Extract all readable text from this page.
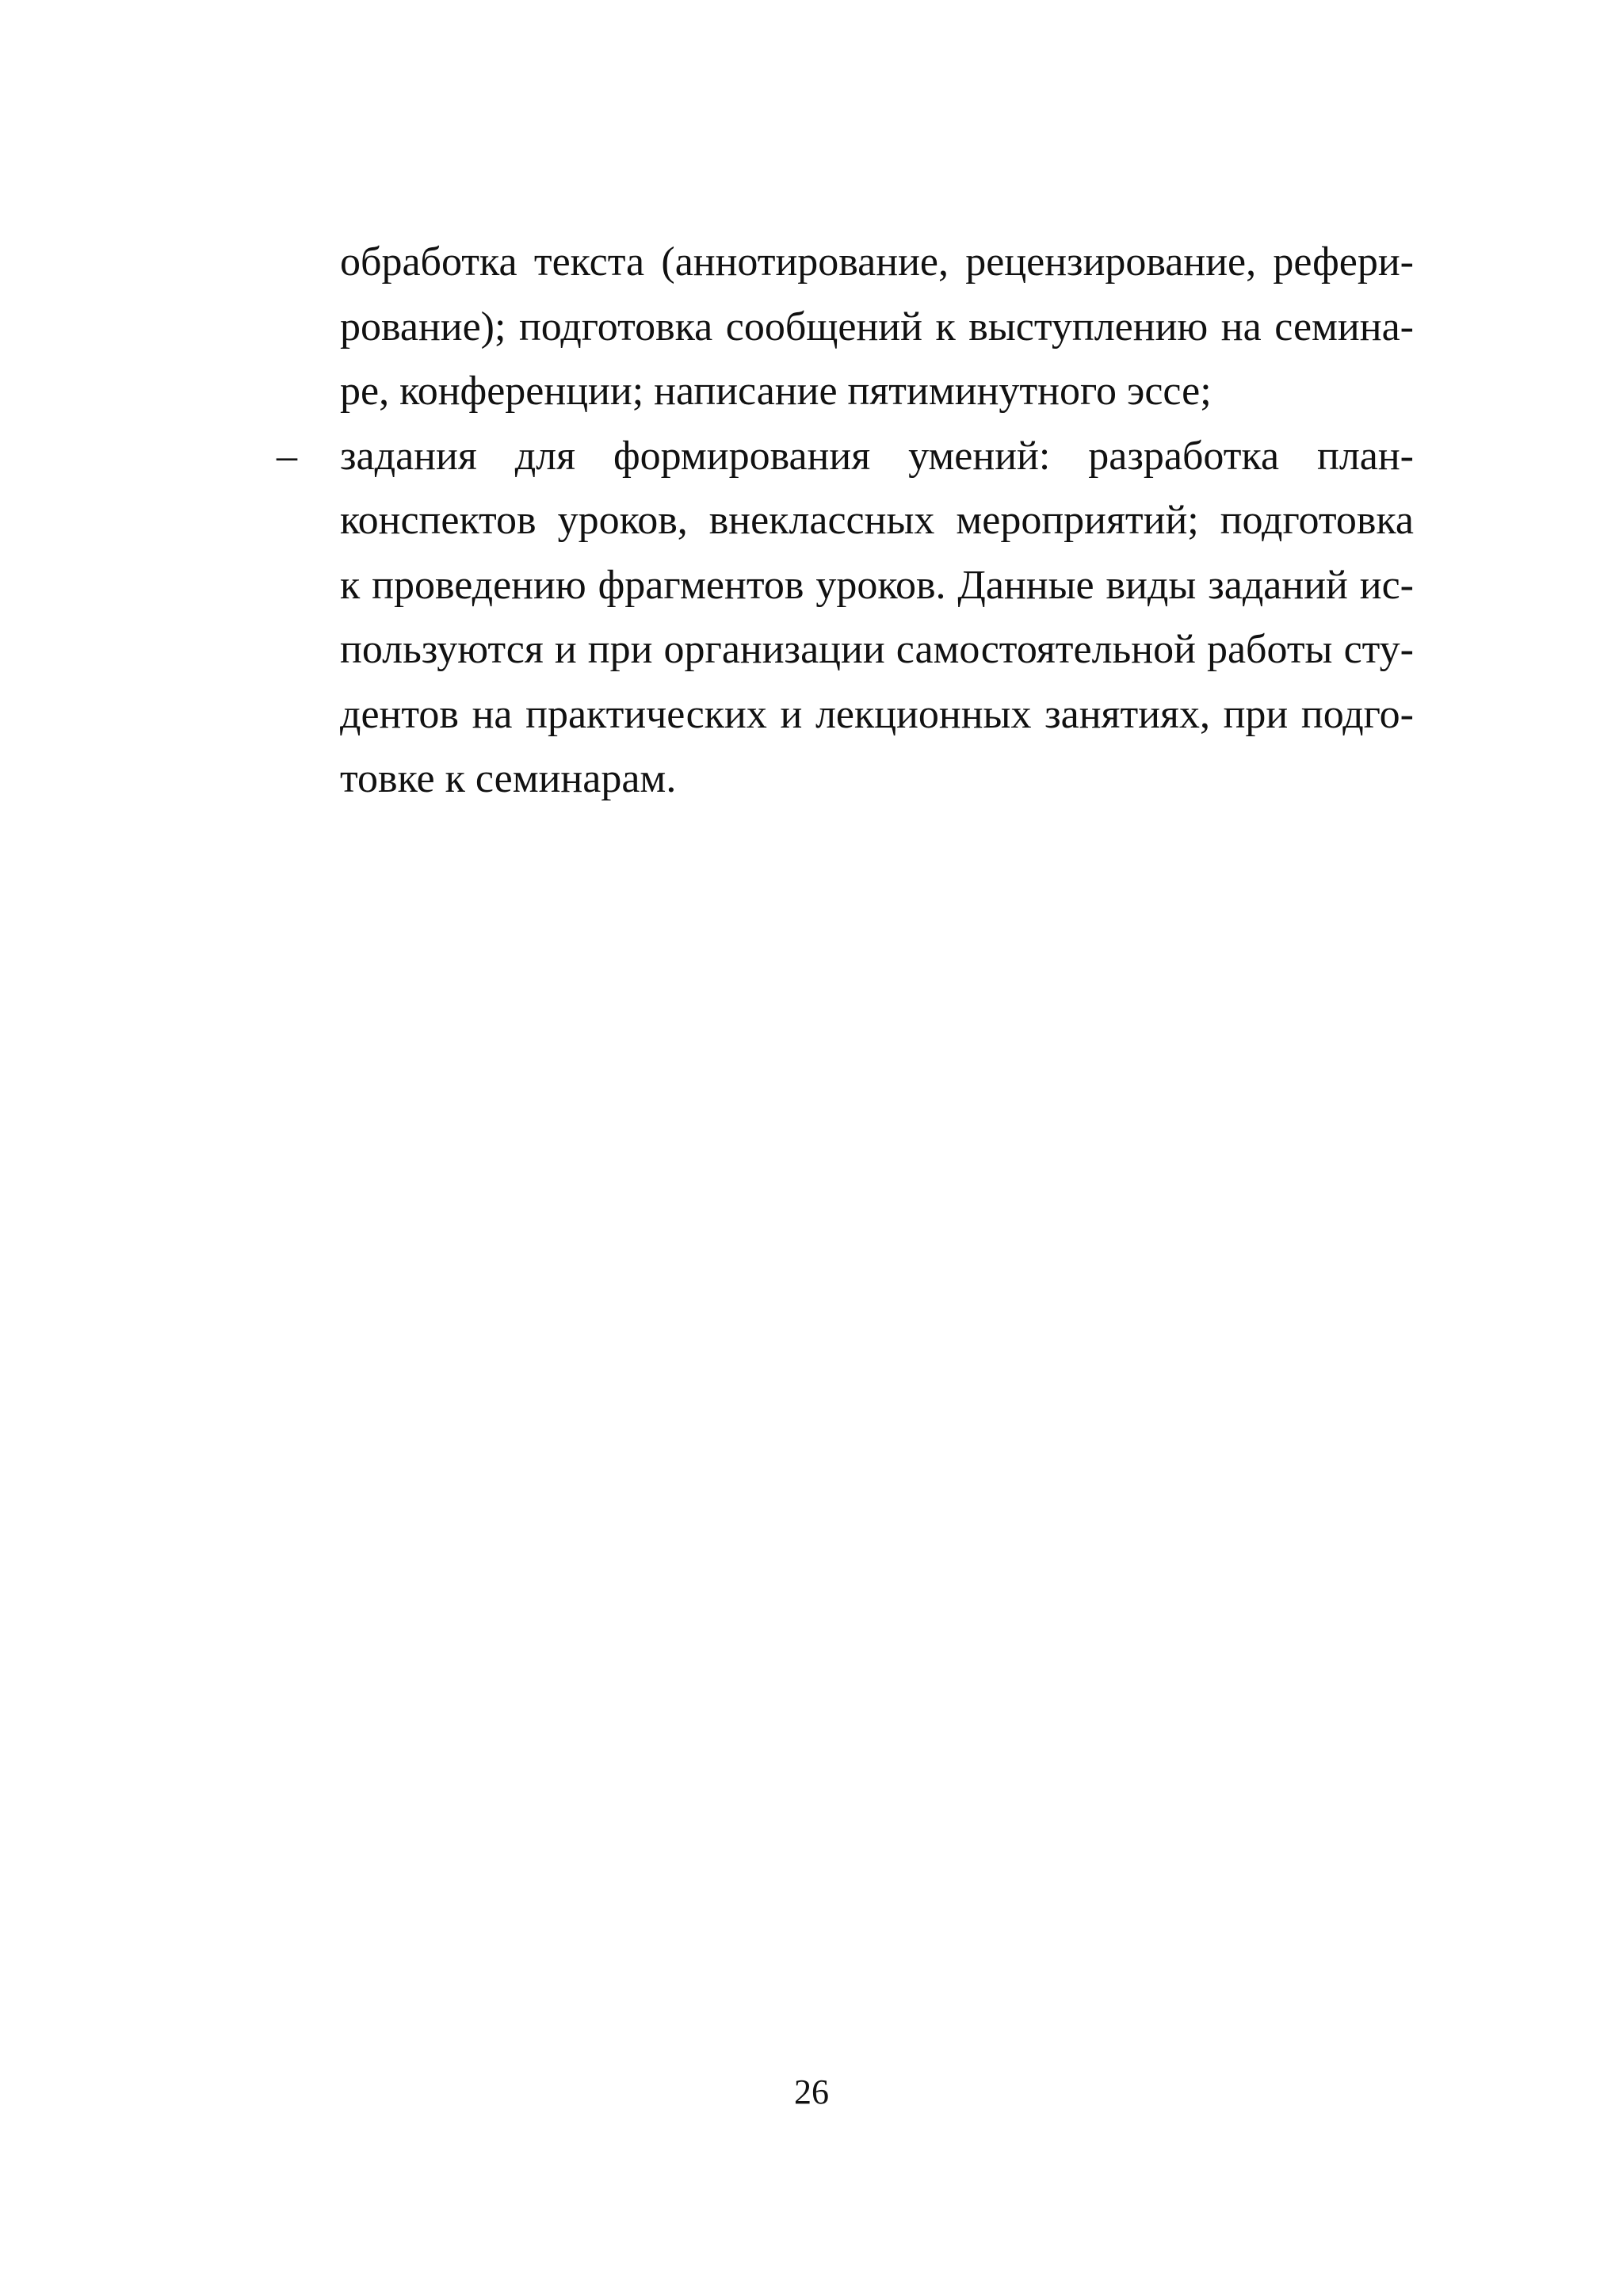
обработка текста (аннотирование, рецензирование, рефери-
рование); подготовка сообщений к выступлению на семина-
ре, конференции; написание пятиминутного эссе;
– задания для формирования умений: разработка план-
конспектов уроков, внеклассных мероприятий; подготовка
к проведению фрагментов уроков. Данные виды заданий ис-
пользуются и при организации самостоятельной работы сту-
дентов на практических и лекционных занятиях, при подго-
товке к семинарам.
26
